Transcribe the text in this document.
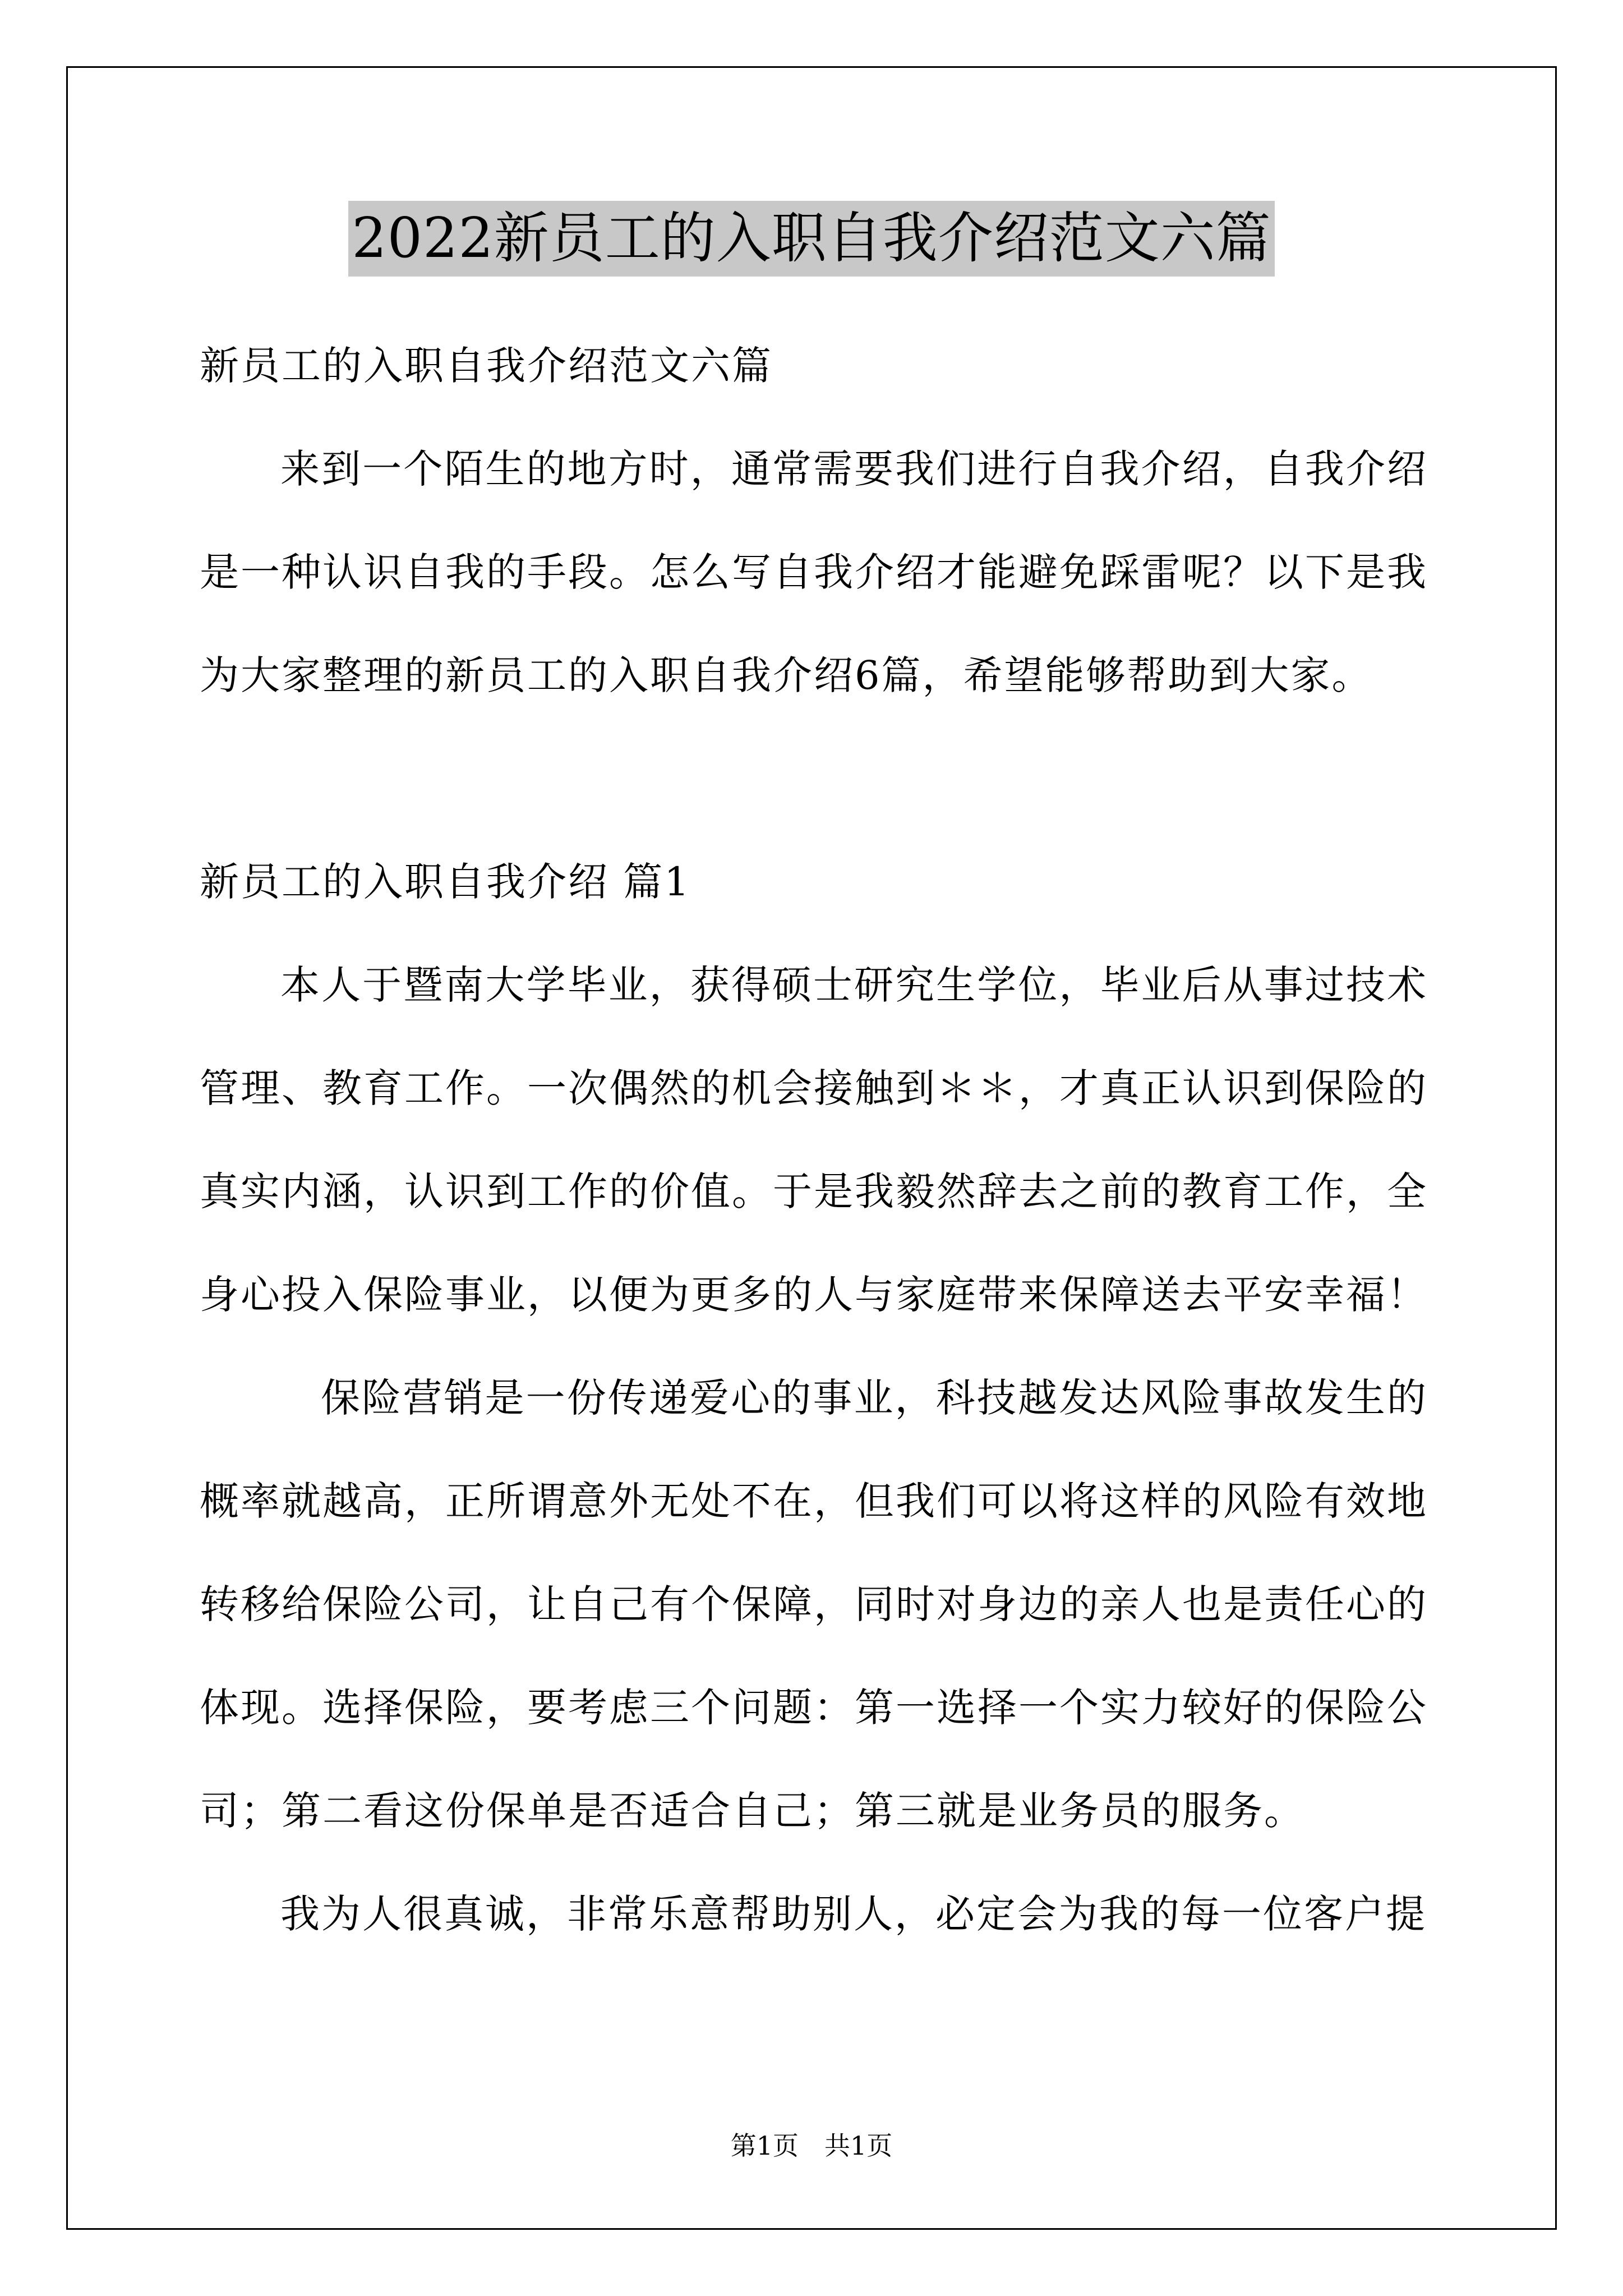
2022新员工的入职自我介绍范文六篇
新员工的入职自我介绍范文六篇

来到一个陌生的地方时，通常需要我们进行自我介绍，自我介绍是一种认识自我的手段。怎么写自我介绍才能避免踩雷呢？以下是我为大家整理的新员工的入职自我介绍6篇，希望能够帮助到大家。

新员工的入职自我介绍 篇1

本人于暨南大学毕业，获得硕士研究生学位，毕业后从事过技术管理、教育工作。一次偶然的机会接触到＊＊，才真正认识到保险的真实内涵，认识到工作的价值。于是我毅然辞去之前的教育工作，全身心投入保险事业，以便为更多的人与家庭带来保障送去平安幸福！

保险营销是一份传递爱心的事业，科技越发达风险事故发生的概率就越高，正所谓意外无处不在，但我们可以将这样的风险有效地转移给保险公司，让自己有个保障，同时对身边的亲人也是责任心的体现。选择保险，要考虑三个问题：第一选择一个实力较好的保险公司；第二看这份保单是否适合自己；第三就是业务员的服务。

我为人很真诚，非常乐意帮助别人，必定会为我的每一位客户提

第1页 共1页
